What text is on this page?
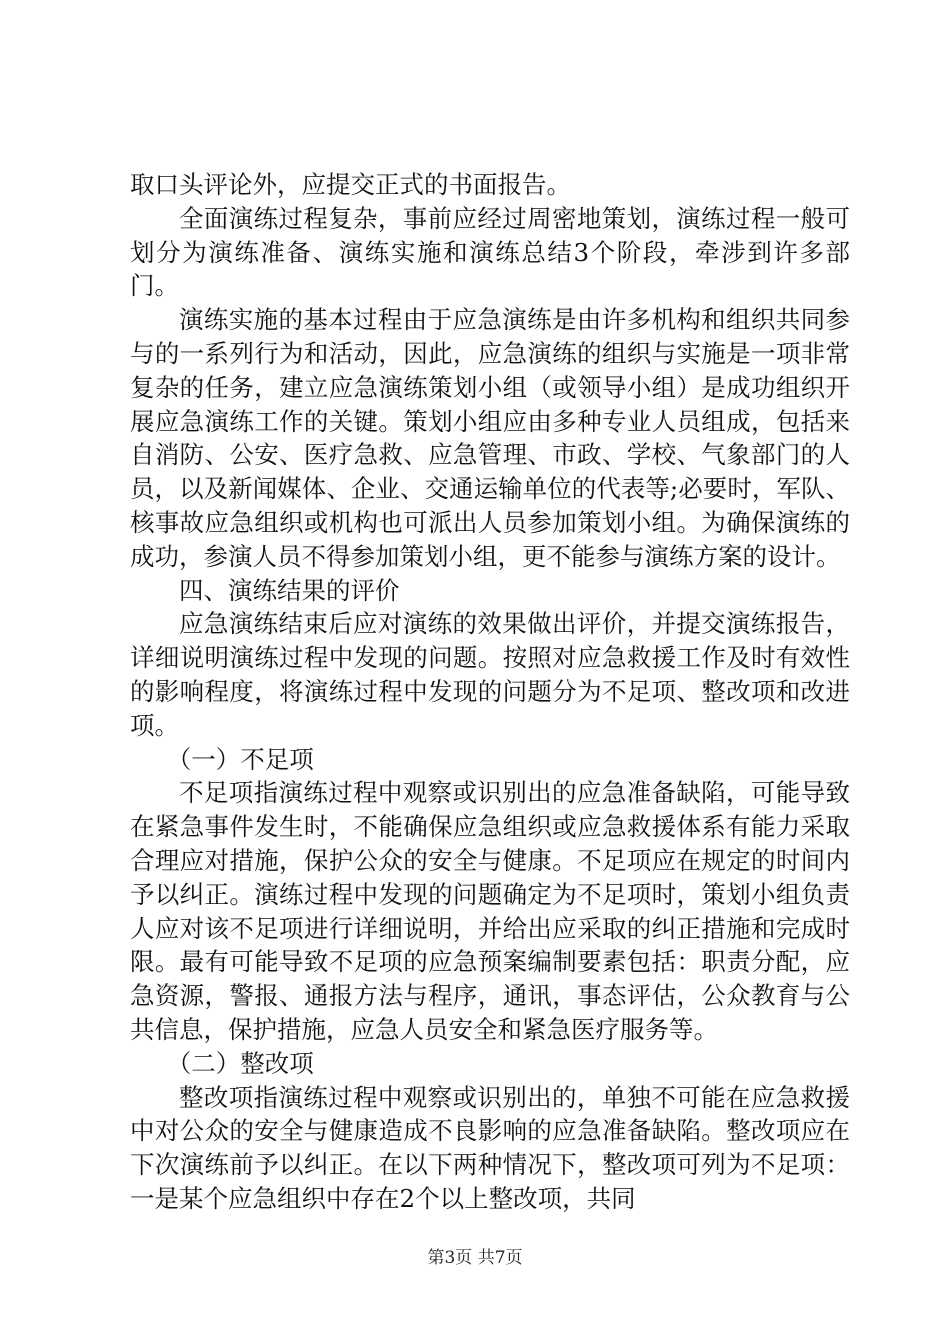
取口头评论外，应提交正式的书面报告。

全面演练过程复杂，事前应经过周密地策划，演练过程一般可划分为演练准备、演练实施和演练总结3个阶段，牵涉到许多部门。

演练实施的基本过程由于应急演练是由许多机构和组织共同参与的一系列行为和活动，因此，应急演练的组织与实施是一项非常复杂的任务，建立应急演练策划小组（或领导小组）是成功组织开展应急演练工作的关键。策划小组应由多种专业人员组成，包括来自消防、公安、医疗急救、应急管理、市政、学校、气象部门的人员，以及新闻媒体、企业、交通运输单位的代表等;必要时，军队、核事故应急组织或机构也可派出人员参加策划小组。为确保演练的成功，参演人员不得参加策划小组，更不能参与演练方案的设计。

四、演练结果的评价

应急演练结束后应对演练的效果做出评价，并提交演练报告，详细说明演练过程中发现的问题。按照对应急救援工作及时有效性的影响程度，将演练过程中发现的问题分为不足项、整改项和改进项。

（一）不足项

不足项指演练过程中观察或识别出的应急准备缺陷，可能导致在紧急事件发生时，不能确保应急组织或应急救援体系有能力采取合理应对措施，保护公众的安全与健康。不足项应在规定的时间内予以纠正。演练过程中发现的问题确定为不足项时，策划小组负责人应对该不足项进行详细说明，并给出应采取的纠正措施和完成时限。最有可能导致不足项的应急预案编制要素包括：职责分配，应急资源，警报、通报方法与程序，通讯，事态评估，公众教育与公共信息，保护措施，应急人员安全和紧急医疗服务等。

（二）整改项

整改项指演练过程中观察或识别出的，单独不可能在应急救援中对公众的安全与健康造成不良影响的应急准备缺陷。整改项应在下次演练前予以纠正。在以下两种情况下，整改项可列为不足项：一是某个应急组织中存在2个以上整改项，共同

第3页 共7页
